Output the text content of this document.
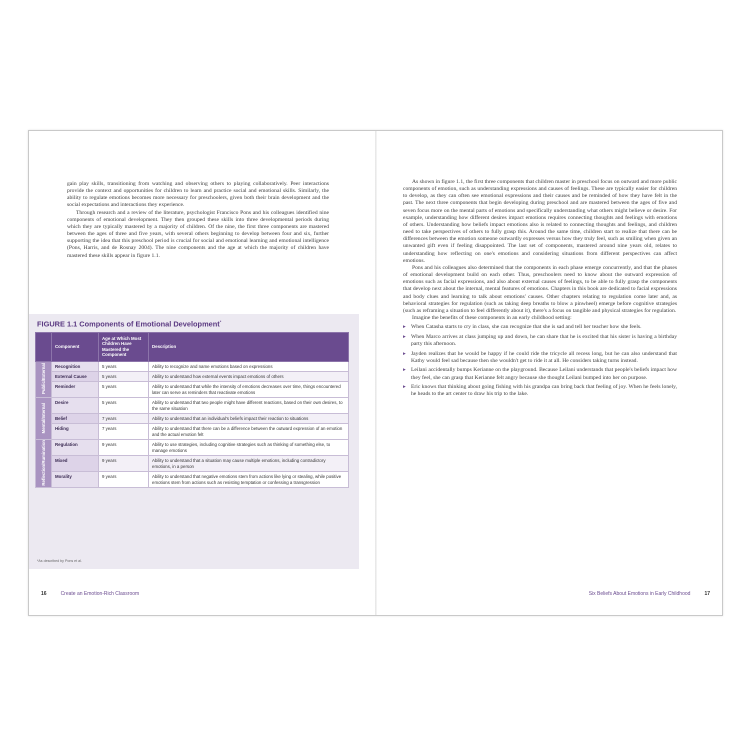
gain play skills, transitioning from watching and observing others to playing collaboratively. Peer interactions provide the context and opportunities for children to learn and practice social and emotional skills. Similarly, the ability to regulate emotions becomes more necessary for preschoolers, given both their brain development and the social expectations and interactions they experience.

Through research and a review of the literature, psychologist Francisco Pons and his colleagues identified nine components of emotional development. They then grouped these skills into three developmental periods during which they are typically mastered by a majority of children. Of the nine, the first three components are mastered between the ages of three and five years, with several others beginning to develop between four and six, further supporting the idea that this preschool period is crucial for social and emotional learning and emotional intelligence (Pons, Harris, and de Rosnay 2004). The nine components and the age at which the majority of children have mastered these skills appear in figure 1.1.

FIGURE 1.1 Components of Emotional Development*
	Component	Age at Which Most Children Have Mastered the Component	Description
Public/External	Recognition	5 years	Ability to recognize and name emotions based on expressions
	External Cause	5 years	Ability to understand how external events impact emotions of others
	Reminder	5 years	Ability to understand that while the intensity of emotions decreases over time, things encountered later can serve as reminders that reactivate emotions
Mental/Internal	Desire	5 years	Ability to understand that two people might have different reactions, based on their own desires, to the same situation
	Belief	7 years	Ability to understand that an individual's beliefs impact their reaction to situations
	Hiding	7 years	Ability to understand that there can be a difference between the outward expression of an emotion and the actual emotion felt
Reflection/Rumination	Regulation	9 years	Ability to use strategies, including cognitive strategies such as thinking of something else, to manage emotions
	Mixed	9 years	Ability to understand that a situation may cause multiple emotions, including contradictory emotions, in a person
	Morality	9 years	Ability to understand that negative emotions stem from actions like lying or stealing, while positive emotions stem from actions such as resisting temptation or confessing a transgression
*As described by Pons et al.
16	Create an Emotion-Rich Classroom

As shown in figure 1.1, the first three components that children master in preschool focus on outward and more public components of emotion, such as understanding expressions and causes of feelings. These are typically easier for children to develop, as they can often see emotional expressions and their causes and be reminded of how they have felt in the past. The next three components that begin developing during preschool and are mastered between the ages of five and seven focus more on the mental parts of emotions and specifically understanding what others might believe or desire. For example, understanding how different desires impact emotions requires connecting thoughts and feelings with emotions of others. Understanding how beliefs impact emotions also is related to connecting thoughts and feelings, and children need to take perspectives of others to fully grasp this. Around the same time, children start to realize that there can be differences between the emotion someone outwardly expresses versus how they truly feel, such as smiling when given an unwanted gift even if feeling disappointed. The last set of components, mastered around nine years old, relates to understanding how reflecting on one's emotions and considering situations from different perspectives can affect emotions.

Pons and his colleagues also determined that the components in each phase emerge concurrently, and that the phases of emotional development build on each other. Thus, preschoolers need to know about the outward expression of emotions such as facial expressions, and also about external causes of feelings, to be able to fully grasp the components that develop next about the internal, mental features of emotions. Chapters in this book are dedicated to facial expressions and body clues and learning to talk about emotions' causes. Other chapters relating to regulation come later and, as behavioral strategies for regulation (such as taking deep breaths to blow a pinwheel) emerge before cognitive strategies (such as reframing a situation to feel differently about it), there's a focus on tangible and physical strategies for regulation.

Imagine the benefits of these components in an early childhood setting:

▸ When Catasha starts to cry in class, she can recognize that she is sad and tell her teacher how she feels.
▸ When Marco arrives at class jumping up and down, he can share that he is excited that his sister is having a birthday party this afternoon.
▸ Jayden realizes that he would be happy if he could ride the tricycle all recess long, but he can also understand that Kathy would feel sad because then she wouldn't get to ride it at all. He considers taking turns instead.
▸ Leilani accidentally bumps Kerianne on the playground. Because Leilani understands that people's beliefs impact how they feel, she can grasp that Kerianne felt angry because she thought Leilani bumped into her on purpose.
▸ Eric knows that thinking about going fishing with his grandpa can bring back that feeling of joy. When he feels lonely, he heads to the art center to draw his trip to the lake.
Six Beliefs About Emotions in Early Childhood	17
